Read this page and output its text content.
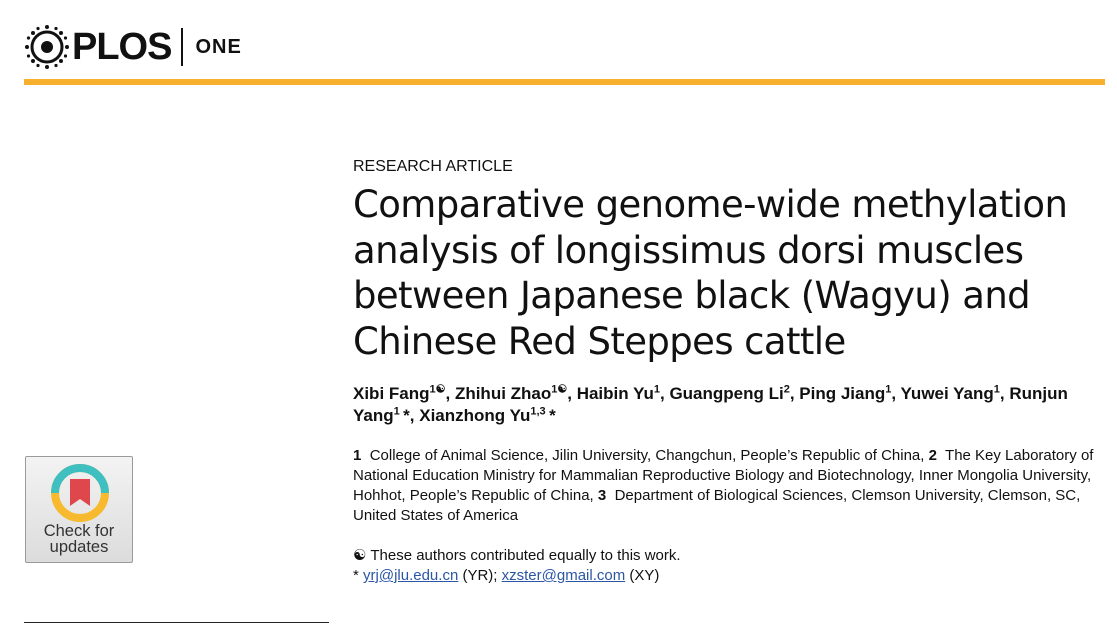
PLOS ONE
RESEARCH ARTICLE
Comparative genome-wide methylation analysis of longissimus dorsi muscles between Japanese black (Wagyu) and Chinese Red Steppes cattle
Xibi Fang$^{1☯}$, Zhihui Zhao$^{1☯}$, Haibin Yu$^1$, Guangpeng Li$^2$, Ping Jiang$^1$, Yuwei Yang$^1$, Runjun Yang$^1$ *, Xianzhong Yu$^{1,3}$ *
1 College of Animal Science, Jilin University, Changchun, People’s Republic of China, 2 The Key Laboratory of National Education Ministry for Mammalian Reproductive Biology and Biotechnology, Inner Mongolia University, Hohhot, People’s Republic of China, 3 Department of Biological Sciences, Clemson University, Clemson, SC, United States of America
☯ These authors contributed equally to this work.
* yrj@jlu.edu.cn (YR); xzster@gmail.com (XY)
Check for
updates
